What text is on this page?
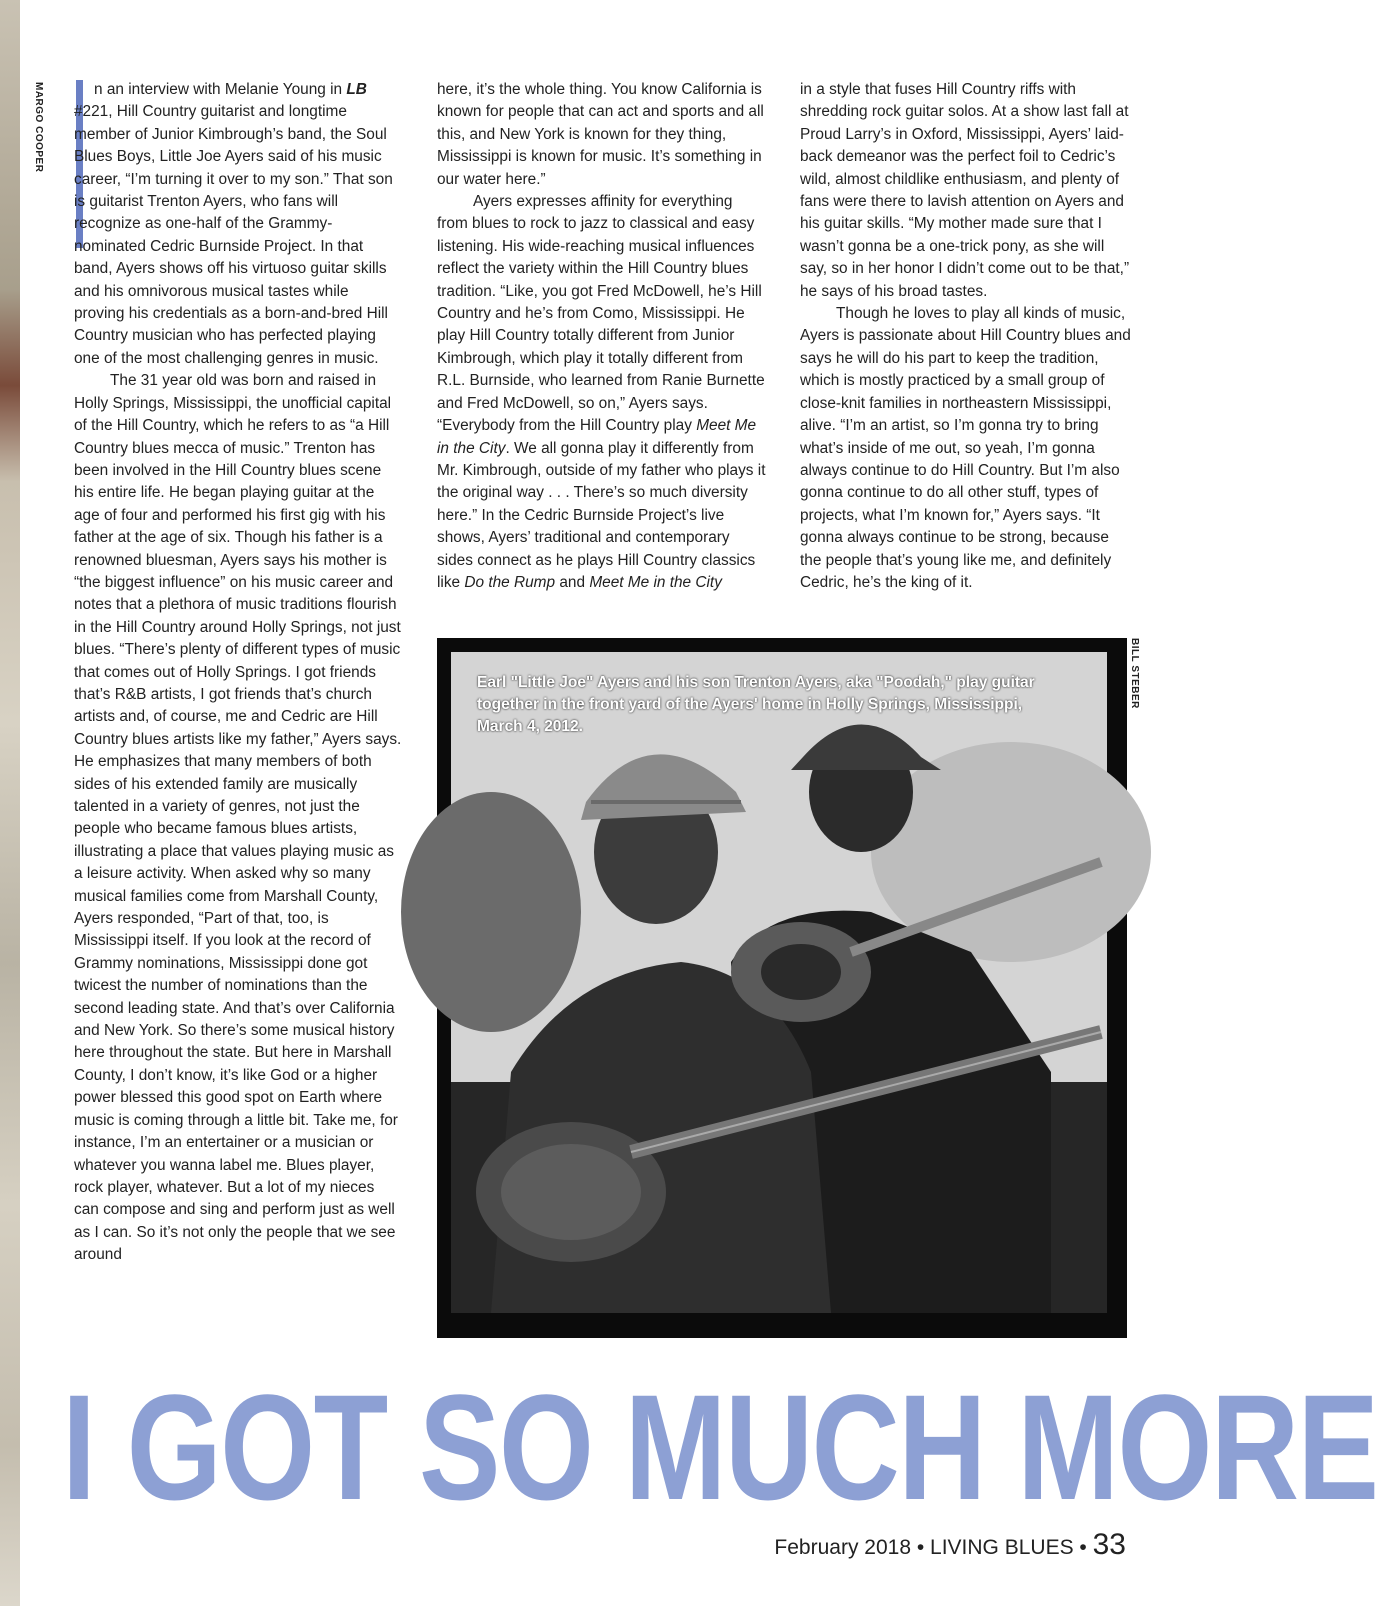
MARGO COOPER
BILL STEBER

n an interview with Melanie Young in LB #221, Hill Country guitarist and longtime member of Junior Kimbrough’s band, the Soul Blues Boys, Little Joe Ayers said of his music career, “I’m turning it over to my son.” That son is guitarist Trenton Ayers, who fans will recognize as one-half of the Grammy-nominated Cedric Burnside Project. In that band, Ayers shows off his virtuoso guitar skills and his omnivorous musical tastes while proving his credentials as a born-and-bred Hill Country musician who has perfected playing one of the most challenging genres in music.

The 31 year old was born and raised in Holly Springs, Mississippi, the unofficial capital of the Hill Country, which he refers to as “a Hill Country blues mecca of music.” Trenton has been involved in the Hill Country blues scene his entire life. He began playing guitar at the age of four and performed his first gig with his father at the age of six. Though his father is a renowned bluesman, Ayers says his mother is “the biggest influence” on his music career and notes that a plethora of music traditions flourish in the Hill Country around Holly Springs, not just blues. “There’s plenty of different types of music that comes out of Holly Springs. I got friends that’s R&B artists, I got friends that’s church artists and, of course, me and Cedric are Hill Country blues artists like my father,” Ayers says. He emphasizes that many members of both sides of his extended family are musically talented in a variety of genres, not just the people who became famous blues artists, illustrating a place that values playing music as a leisure activity. When asked why so many musical families come from Marshall County, Ayers responded, “Part of that, too, is Mississippi itself. If you look at the record of Grammy nominations, Mississippi done got twicest the number of nominations than the second leading state. And that’s over California and New York. So there’s some musical history here throughout the state. But here in Marshall County, I don’t know, it’s like God or a higher power blessed this good spot on Earth where music is coming through a little bit. Take me, for instance, I’m an entertainer or a musician or whatever you wanna label me. Blues player, rock player, whatever. But a lot of my nieces can compose and sing and perform just as well as I can. So it’s not only the people that we see around

here, it’s the whole thing. You know California is known for people that can act and sports and all this, and New York is known for they thing, Mississippi is known for music. It’s something in our water here.”

Ayers expresses affinity for everything from blues to rock to jazz to classical and easy listening. His wide-reaching musical influences reflect the variety within the Hill Country blues tradition. “Like, you got Fred McDowell, he’s Hill Country and he’s from Como, Mississippi. He play Hill Country totally different from Junior Kimbrough, which play it totally different from R.L. Burnside, who learned from Ranie Burnette and Fred McDowell, so on,” Ayers says. “Everybody from the Hill Country play Meet Me in the City. We all gonna play it differently from Mr. Kimbrough, outside of my father who plays it the original way . . . There’s so much diversity here.” In the Cedric Burnside Project’s live shows, Ayers’ traditional and contemporary sides connect as he plays Hill Country classics like Do the Rump and Meet Me in the City

in a style that fuses Hill Country riffs with shredding rock guitar solos. At a show last fall at Proud Larry’s in Oxford, Mississippi, Ayers’ laid-back demeanor was the perfect foil to Cedric’s wild, almost childlike enthusiasm, and plenty of fans were there to lavish attention on Ayers and his guitar skills. “My mother made sure that I wasn’t gonna be a one-trick pony, as she will say, so in her honor I didn’t come out to be that,” he says of his broad tastes.

Though he loves to play all kinds of music, Ayers is passionate about Hill Country blues and says he will do his part to keep the tradition, which is mostly practiced by a small group of close-knit families in northeastern Mississippi, alive. “I’m an artist, so I’m gonna try to bring what’s inside of me out, so yeah, I’m gonna always continue to do Hill Country. But I’m also gonna continue to do all other stuff, types of projects, what I’m known for,” Ayers says. “It gonna always continue to be strong, because the people that’s young like me, and definitely Cedric, he’s the king of it.

Earl "Little Joe" Ayers and his son Trenton Ayers, aka "Poodah," play guitar together in the front yard of the Ayers' home in Holly Springs, Mississippi, March 4, 2012.
I GOT SO MUCH MORE
February 2018 • LIVING BLUES • 33
